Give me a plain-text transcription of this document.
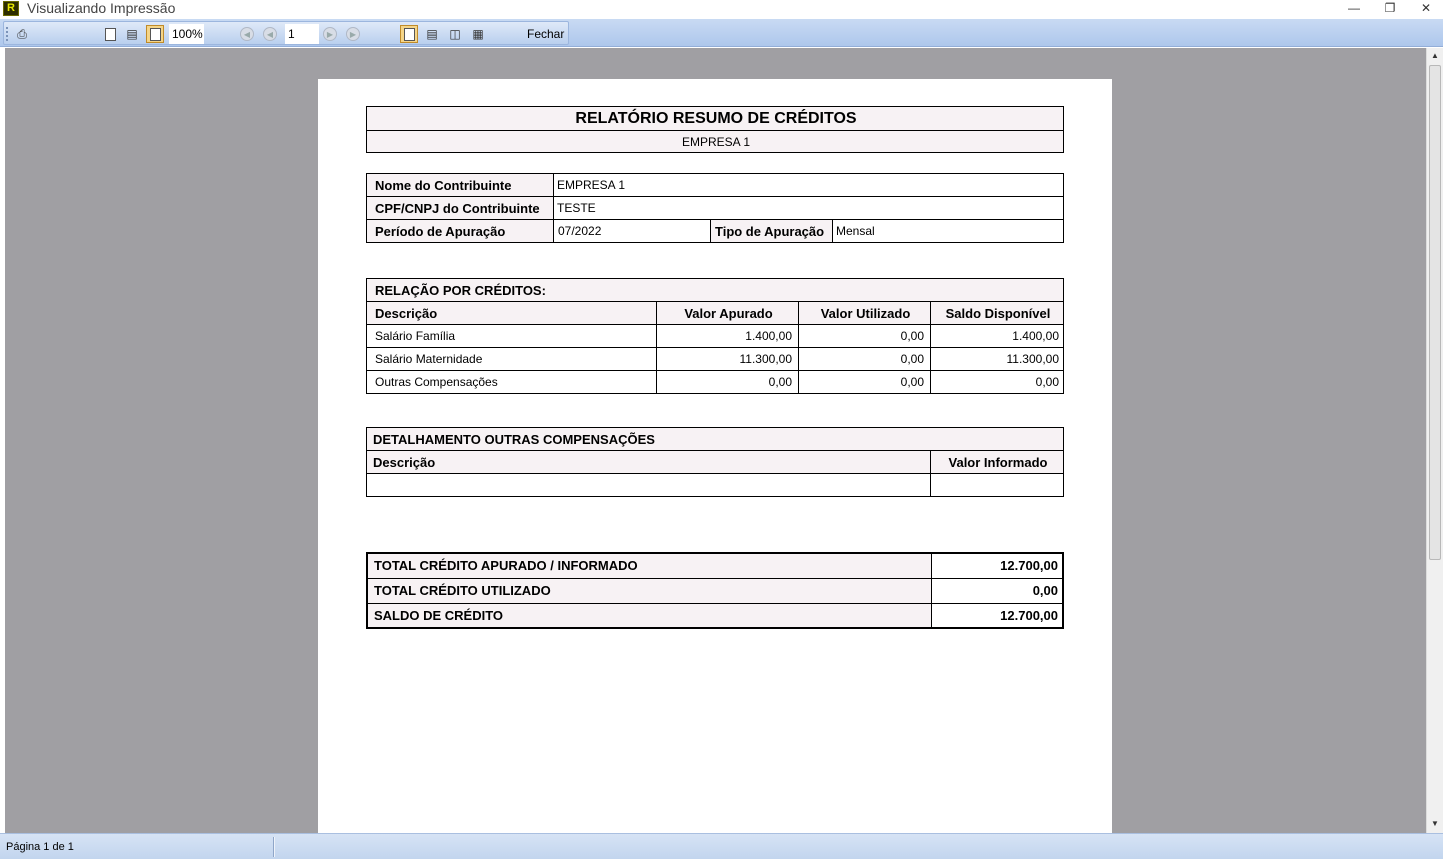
R Visualizando Impressão	—	❐	✕
⎙	▤
100%	◀	◀
1	▶	▶	▤ ◫ ▦	Fechar
RELATÓRIO RESUMO DE CRÉDITOS
EMPRESA 1
Nome do Contribuinte	EMPRESA 1		
CPF/CNPJ do Contribuinte	TESTE		
Período de Apuração	07/2022	Tipo de Apuração	Mensal
RELAÇÃO POR CRÉDITOS:			
Descrição	Valor Apurado	Valor Utilizado	Saldo Disponível
Salário Família	1.400,00	0,00	1.400,00
Salário Maternidade	11.300,00	0,00	11.300,00
Outras Compensações	0,00	0,00	0,00
DETALHAMENTO OUTRAS COMPENSAÇÕES	
Descrição	Valor Informado

TOTAL CRÉDITO APURADO / INFORMADO	12.700,00
TOTAL CRÉDITO UTILIZADO	0,00
SALDO DE CRÉDITO	12.700,00
▲
▼
Página 1 de 1
